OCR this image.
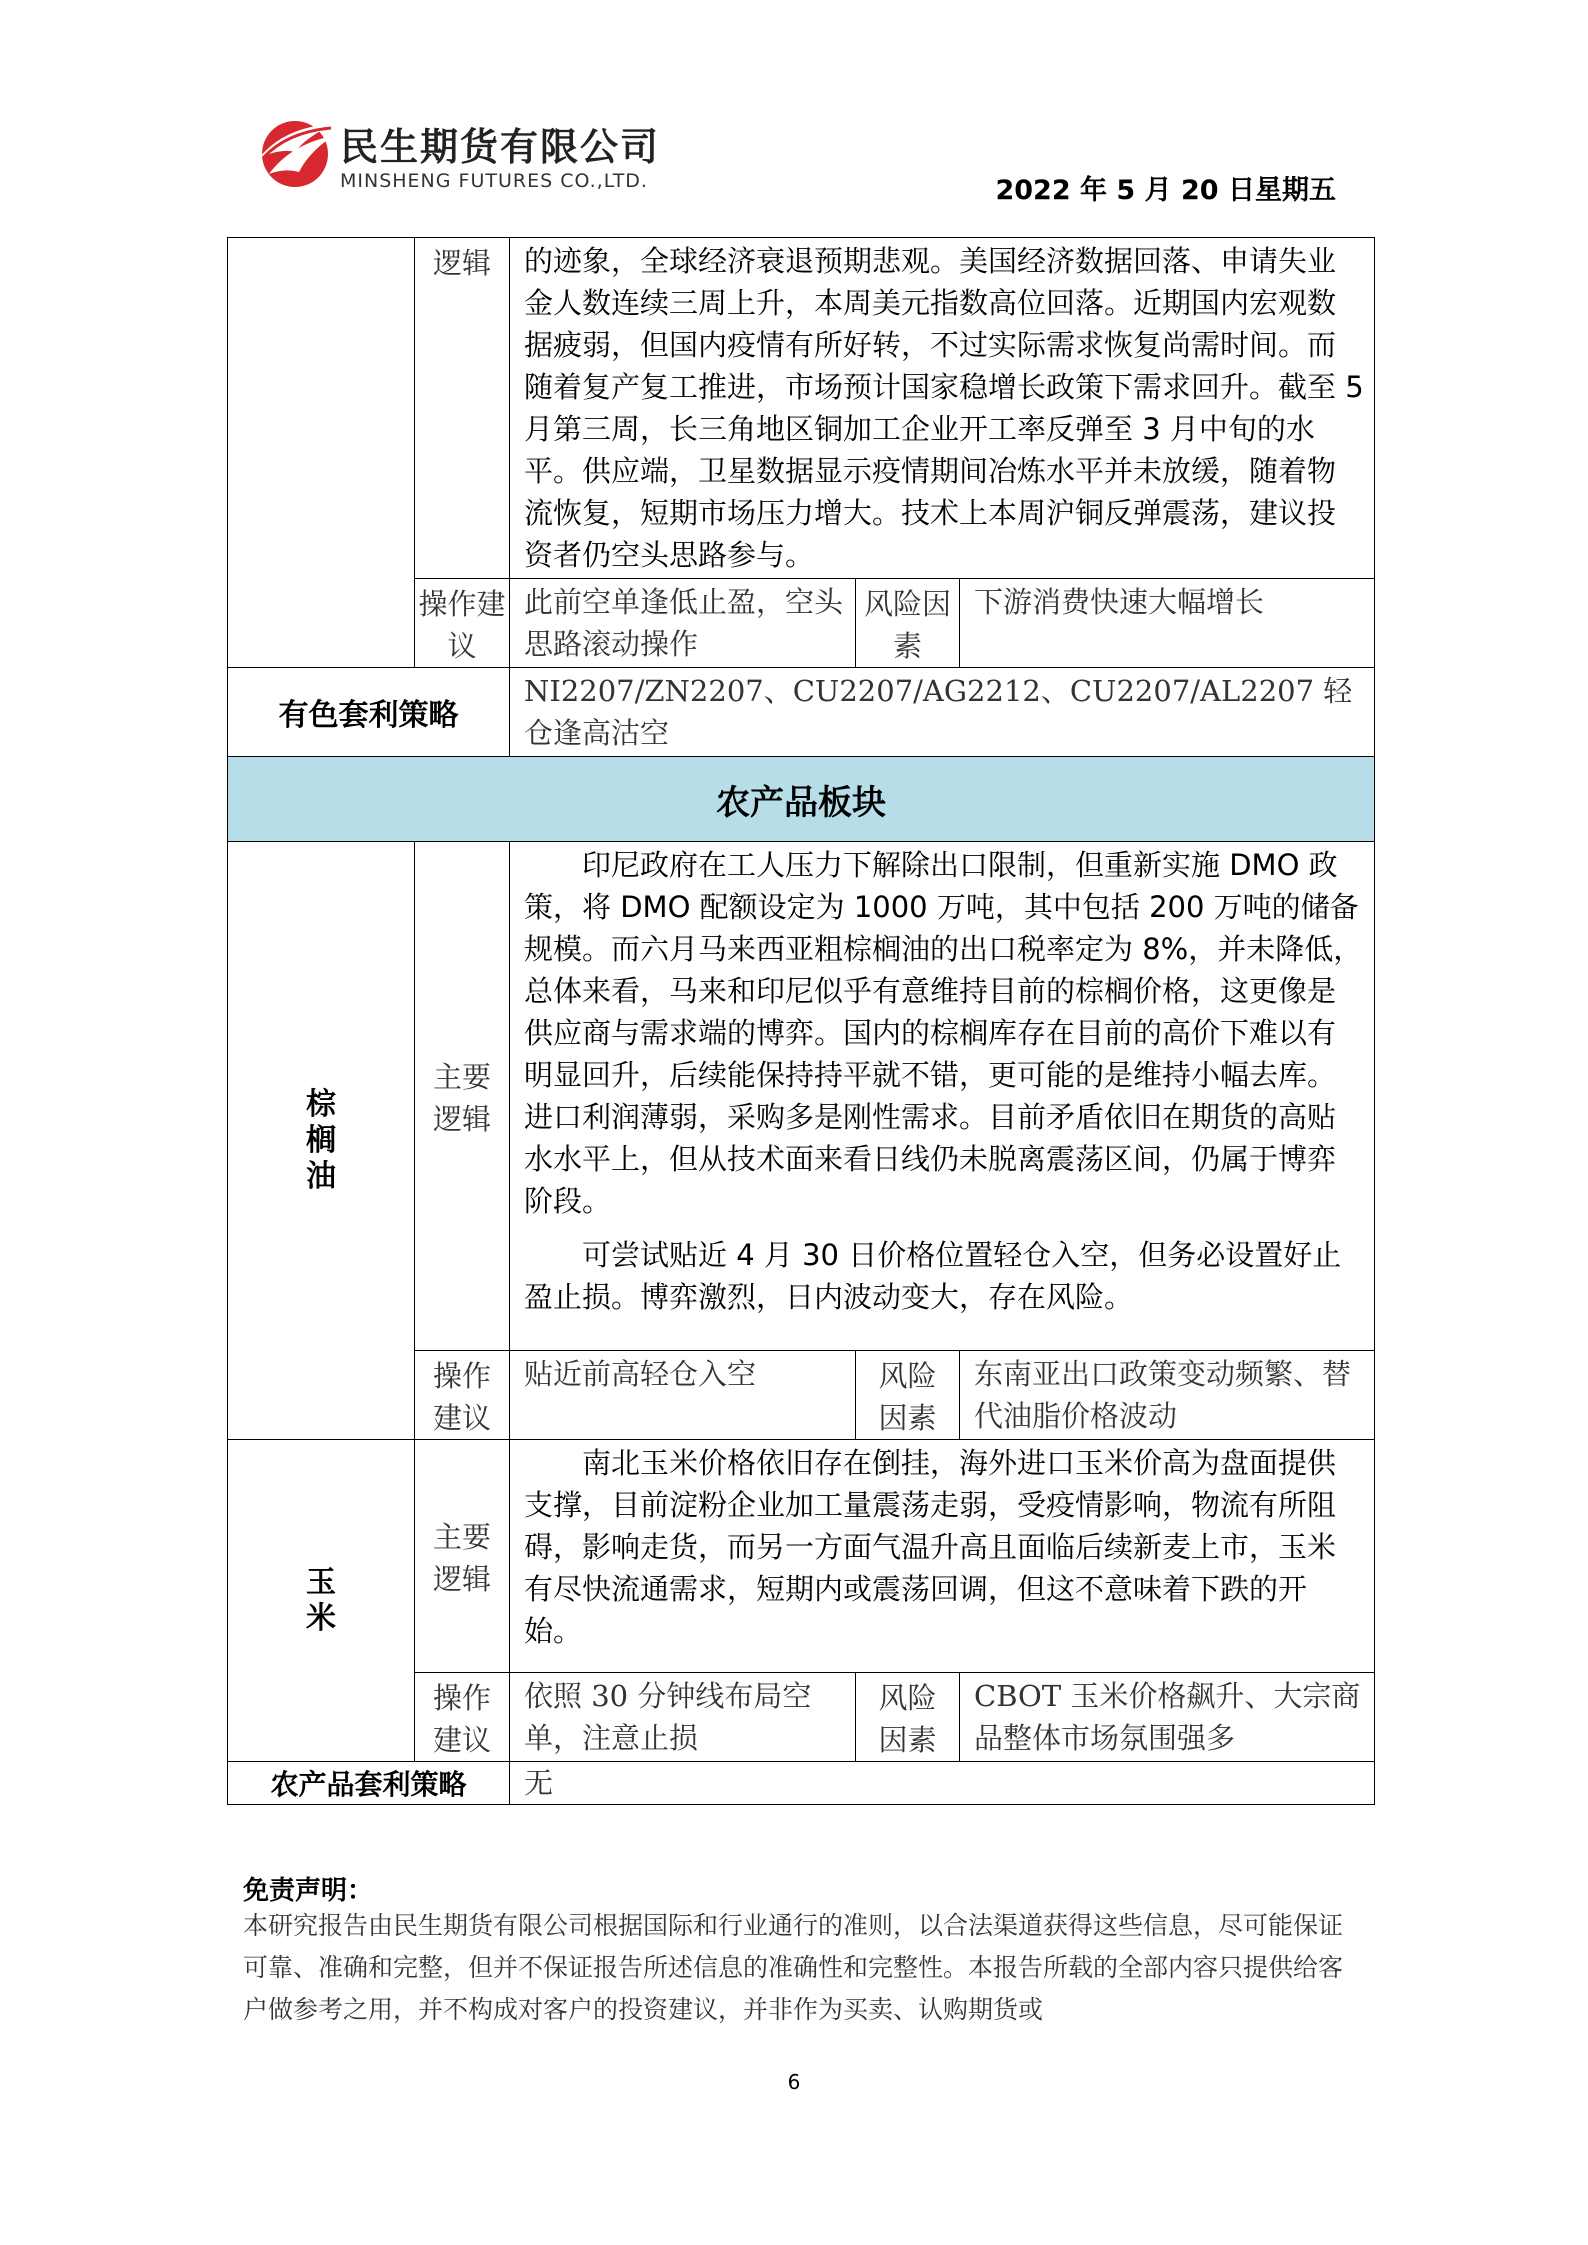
民生期货有限公司
MINSHENG FUTURES CO.,LTD.	2022 年 5 月 20 日星期五
	逻辑	的迹象，全球经济衰退预期悲观。美国经济数据回落、申请失业金人数连续三周上升，本周美元指数高位回落。近期国内宏观数据疲弱，但国内疫情有所好转，不过实际需求恢复尚需时间。而随着复产复工推进，市场预计国家稳增长政策下需求回升。截至 5 月第三周，长三角地区铜加工企业开工率反弹至 3 月中旬的水平。供应端，卫星数据显示疫情期间冶炼水平并未放缓，随着物流恢复，短期市场压力增大。技术上本周沪铜反弹震荡，建议投资者仍空头思路参与。		
	操作建议	此前空单逢低止盈，空头思路滚动操作	风险因素	下游消费快速大幅增长
有色套利策略		NI2207/ZN2207、CU2207/AG2212、CU2207/AL2207 轻仓逢高沽空		
农产品板块				

棕榈油	主要逻辑	印尼政府在工人压力下解除出口限制，但重新实施 DMO 政策，将 DMO 配额设定为 1000 万吨，其中包括 200 万吨的储备规模。而六月马来西亚粗棕榈油的出口税率定为 8%，并未降低，总体来看，马来和印尼似乎有意维持目前的棕榈价格，这更像是供应商与需求端的博弈。国内的棕榈库存在目前的高价下难以有明显回升，后续能保持持平就不错，更可能的是维持小幅去库。进口利润薄弱，采购多是刚性需求。目前矛盾依旧在期货的高贴水水平上，但从技术面来看日线仍未脱离震荡区间，仍属于博弈阶段。

可尝试贴近 4 月 30 日价格位置轻仓入空，但务必设置好止盈止损。博弈激烈，日内波动变大，存在风险。		

	操作建议	贴近前高轻仓入空	风险因素	东南亚出口政策变动频繁、替代油脂价格波动

玉米	主要逻辑	南北玉米价格依旧存在倒挂，海外进口玉米价高为盘面提供支撑，目前淀粉企业加工量震荡走弱，受疫情影响，物流有所阻碍，影响走货，而另一方面气温升高且面临后续新麦上市，玉米有尽快流通需求，短期内或震荡回调，但这不意味着下跌的开始。		

	操作建议	依照 30 分钟线布局空单，注意止损	风险因素	CBOT 玉米价格飙升、大宗商品整体市场氛围强多
农产品套利策略		无		
免责声明：
本研究报告由民生期货有限公司根据国际和行业通行的准则，以合法渠道获得这些信息，尽可能保证可靠、准确和完整，但并不保证报告所述信息的准确性和完整性。本报告所载的全部内容只提供给客户做参考之用，并不构成对客户的投资建议，并非作为买卖、认购期货或
6
